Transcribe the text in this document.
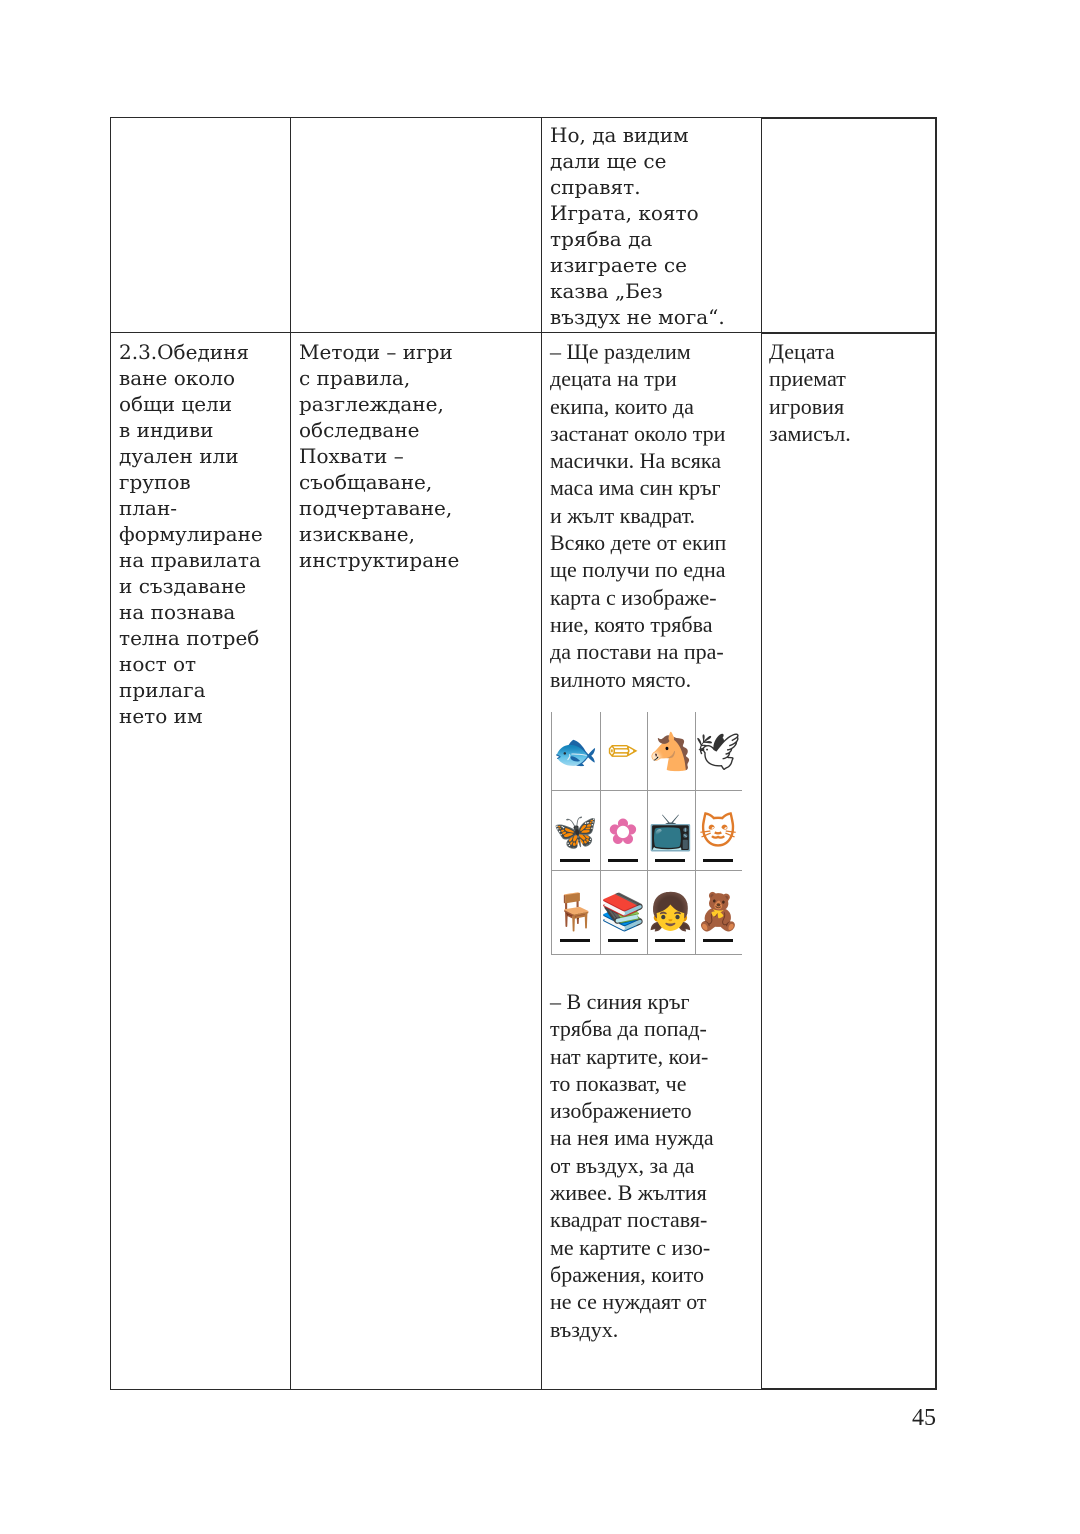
Но, да видим
дали ще се
справят.
Играта, която
трябва да
изиграете се
казва „Без
въздух не мога“.
2.3.Обединя
ване около
общи цели
в индиви
дуален или
групов
план-
формулиране
на правилата
и създаване
на познава
телна потреб
ност от
прилага
нето им
Методи – игри
с правила,
разглеждане,
обследване
Похвати –
съобщаване,
подчертаване,
изискване,
инструктиране
– Ще разделим
децата на три
екипа, които да
застанат около три
масички. На всяка
маса има син кръг
и жълт квадрат.
Всяко дете от екип
ще получи по една
карта с изображе-
ние, която трябва
да постави на пра-
вилното място.
🐟 ✏ 🐴 🕊
🦋 ✿ 📺 🐱
🪑 📚 👧 🧸
– В синия кръг
трябва да попад-
нат картите, кои-
то показват, че
изображението
на нея има нужда
от въздух, за да
живее. В жълтия
квадрат поставя-
ме картите с изо-
бражения, които
не се нуждаят от
въздух.
Децата
приемат
игровия
замисъл.
45
